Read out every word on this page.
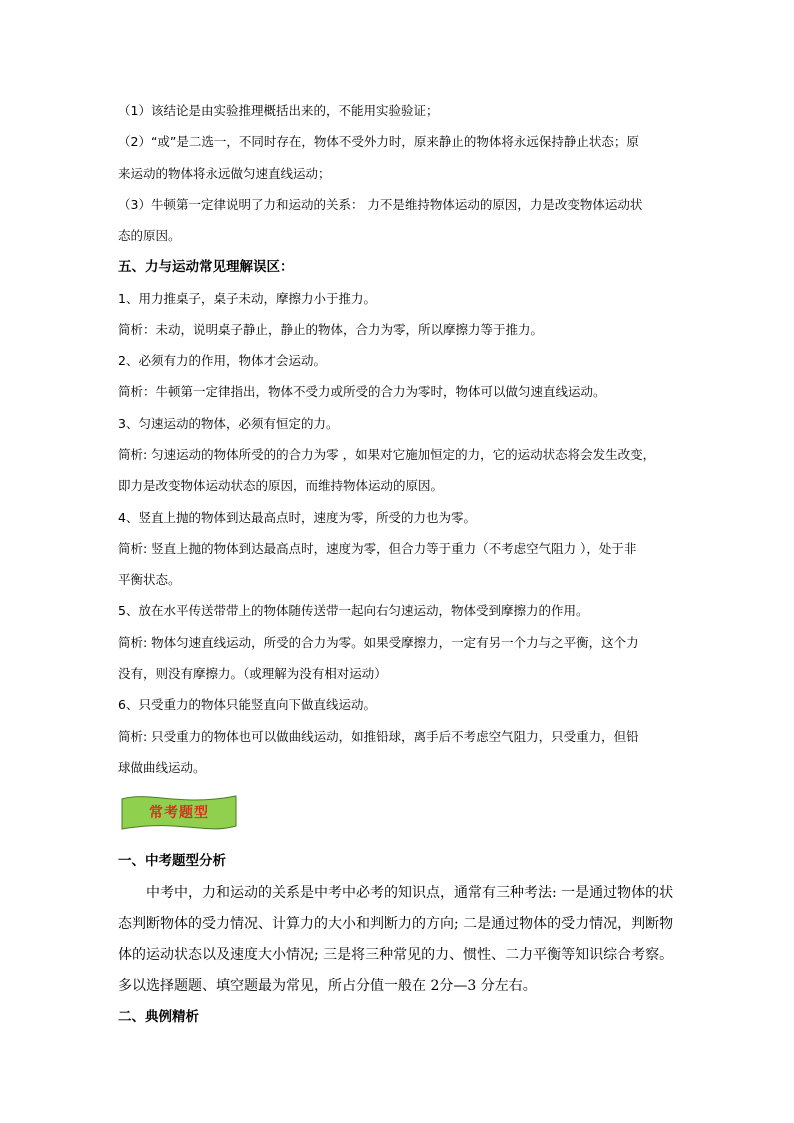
（1）该结论是由实验推理概括出来的，不能用实验验证；

（2）“或”是二选一，不同时存在，物体不受外力时，原来静止的物体将永远保持静止状态；原

来运动的物体将永远做匀速直线运动；

（3）牛顿第一定律说明了力和运动的关系： 力不是维持物体运动的原因，力是改变物体运动状

态的原因。

五、力与运动常见理解误区：

1、用力推桌子，桌子未动，摩擦力小于推力。

简析：未动，说明桌子静止，静止的物体，合力为零，所以摩擦力等于推力。

2、必须有力的作用，物体才会运动。

简析：牛顿第一定律指出，物体不受力或所受的合力为零时，物体可以做匀速直线运动。

3、匀速运动的物体，必须有恒定的力。

简析: 匀速运动的物体所受的的合力为零 ，如果对它施加恒定的力，它的运动状态将会发生改变，

即力是改变物体运动状态的原因，而维持物体运动的原因。

4、竖直上抛的物体到达最高点时，速度为零，所受的力也为零。

简析: 竖直上抛的物体到达最高点时，速度为零，但合力等于重力（不考虑空气阻力 ），处于非

平衡状态。

5、放在水平传送带带上的物体随传送带一起向右匀速运动，物体受到摩擦力的作用。

简析: 物体匀速直线运动，所受的合力为零。如果受摩擦力，一定有另一个力与之平衡，这个力

没有，则没有摩擦力。（或理解为没有相对运动）

6、只受重力的物体只能竖直向下做直线运动。

简析: 只受重力的物体也可以做曲线运动，如推铅球，离手后不考虑空气阻力，只受重力，但铅

球做曲线运动。

常考题型

一、中考题型分析

中考中，力和运动的关系是中考中必考的知识点，通常有三种考法: 一是通过物体的状

态判断物体的受力情况、计算力的大小和判断力的方向; 二是通过物体的受力情况，判断物

体的运动状态以及速度大小情况; 三是将三种常见的力、惯性、二力平衡等知识综合考察。

多以选择题题、填空题最为常见，所占分值一般在 2分—3 分左右。

二、典例精析
